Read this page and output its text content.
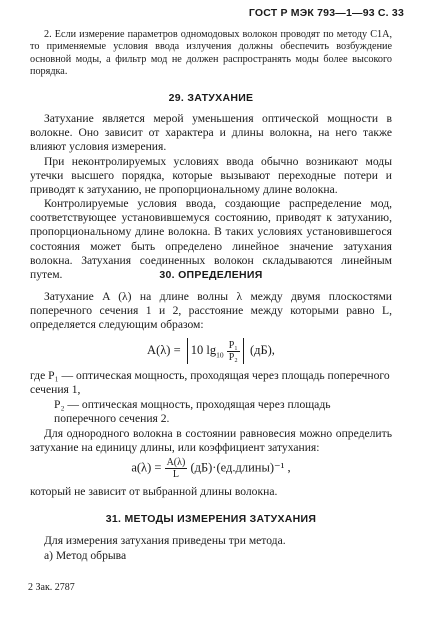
ГОСТ Р МЭК 793—1—93 С. 33
2. Если измерение параметров одномодовых волокон проводят по методу C1A, то применяемые условия ввода излучения должны обеспечить возбуждение основной моды, а фильтр мод не должен распространять моды более высокого порядка.
29. ЗАТУХАНИЕ
Затухание является мерой уменьшения оптической мощности в волокне. Оно зависит от характера и длины волокна, на него также влияют условия измерения.
При неконтролируемых условиях ввода обычно возникают моды утечки высшего порядка, которые вызывают переходные потери и приводят к затуханию, не пропорциональному длине волокна.
Контролируемые условия ввода, создающие распределение мод, соответствующее установившемуся состоянию, приводят к затуханию, пропорциональному длине волокна. В таких условиях установившегося состояния может быть определено линейное значение затухания волокна. Затухания соединенных волокон складываются линейным путем.	30. ОПРЕДЕЛЕНИЯ
Затухание A (λ) на длине волны λ между двумя плоскостями поперечного сечения 1 и 2, расстояние между которыми равно L, определяется следующим образом:
A(λ) = 10 $\lg_{10} \frac{\text{P₁}}{\text{P₂}} (дБ)$,
где P₁ — оптическая мощность, проходящая через площадь поперечного сечения 1,
P₂ — оптическая мощность, проходящая через площадь поперечного сечения 2.
Для однородного волокна в состоянии равновесия можно определить затухание на единицу длины, или коэффициент затухания:
$a(\lambda) = \frac{A(\lambda)}{L}$ (дБ)·(ед.длины)⁻¹ ,
который не зависит от выбранной длины волокна.
31. МЕТОДЫ ИЗМЕРЕНИЯ ЗАТУХАНИЯ
Для измерения затухания приведены три метода.
а) Метод обрыва
2 Зак. 2787
